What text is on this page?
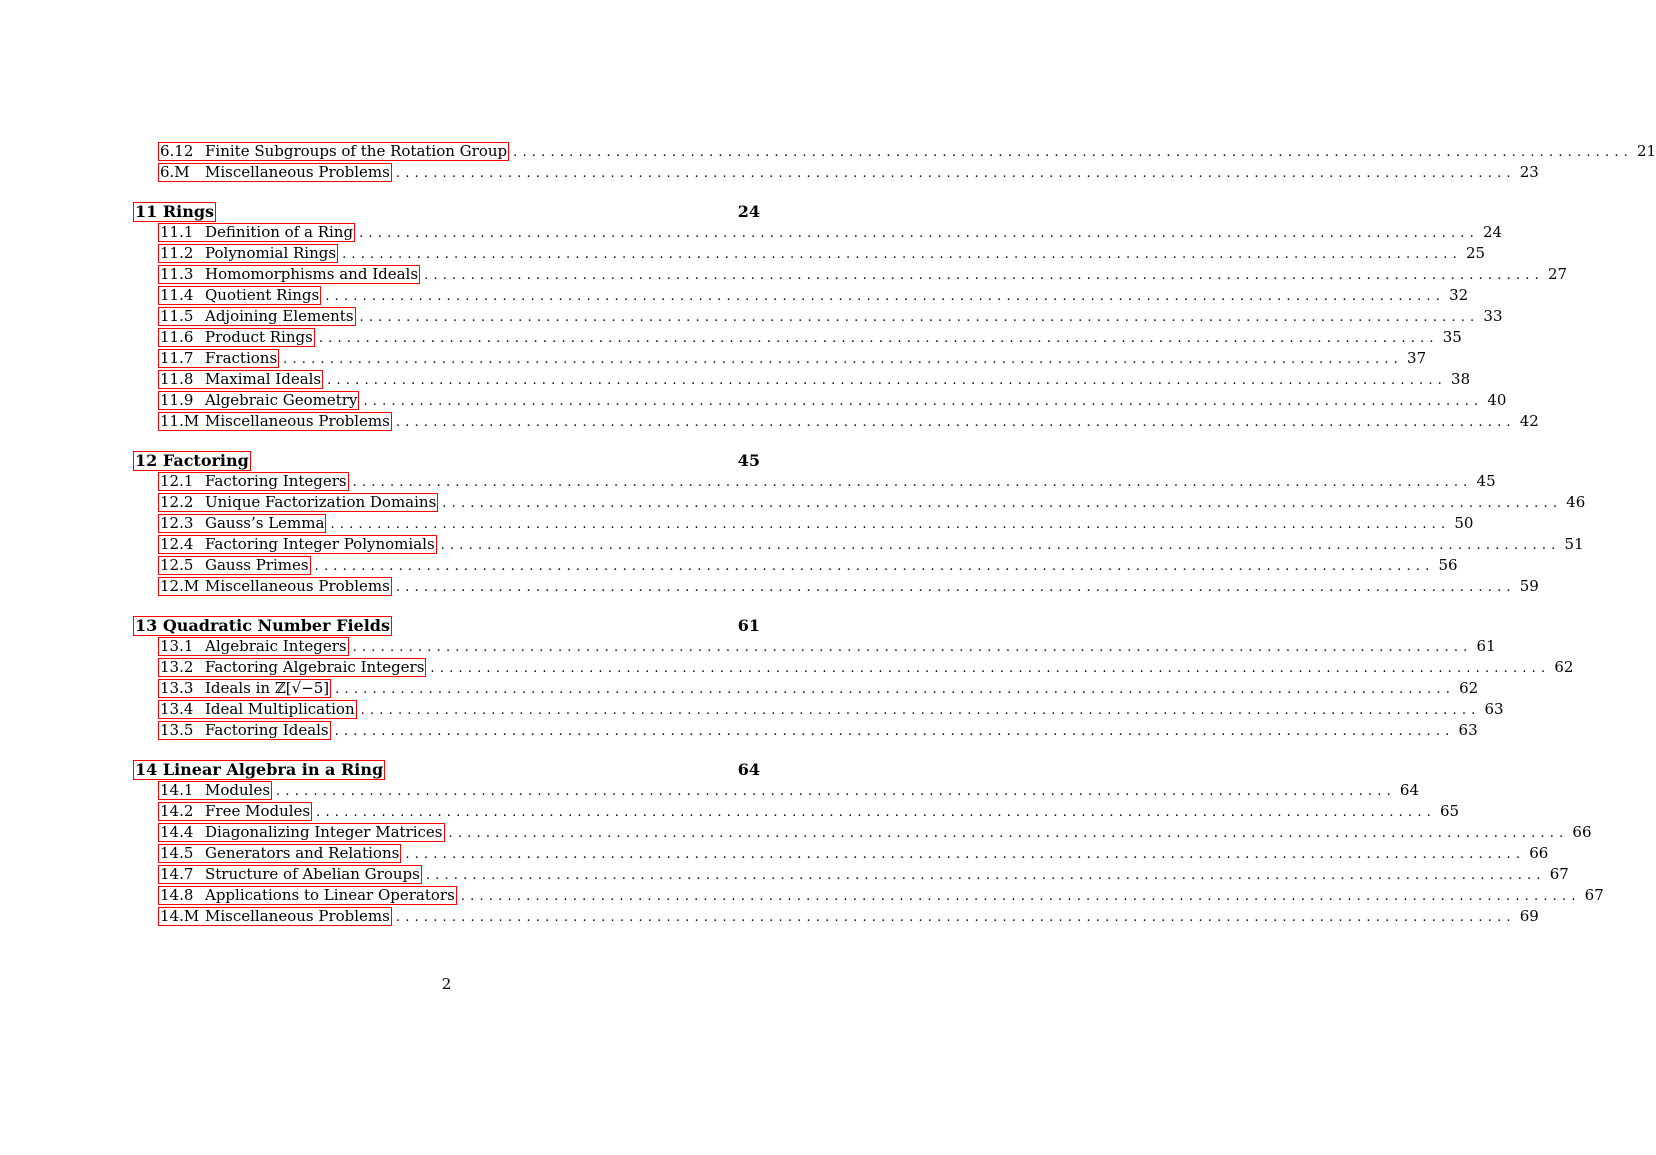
6.12 Finite Subgroups of the Rotation Group ........................................................................................................................ 21
6.M	Miscellaneous Problems ........................................................................................................................ 23
11 Rings	24
11.1 Definition of a Ring ........................................................................................................................ 24
11.2 Polynomial Rings ........................................................................................................................ 25
11.3 Homomorphisms and Ideals ........................................................................................................................ 27
11.4 Quotient Rings ........................................................................................................................ 32
11.5 Adjoining Elements ........................................................................................................................ 33
11.6 Product Rings ........................................................................................................................ 35
11.7 Fractions ........................................................................................................................ 37
11.8 Maximal Ideals ........................................................................................................................ 38
11.9 Algebraic Geometry ........................................................................................................................ 40
11.M Miscellaneous Problems ........................................................................................................................ 42
12 Factoring	45
12.1 Factoring Integers ........................................................................................................................ 45
12.2 Unique Factorization Domains ........................................................................................................................ 46
12.3 Gauss’s Lemma ........................................................................................................................ 50
12.4 Factoring Integer Polynomials ........................................................................................................................ 51
12.5 Gauss Primes ........................................................................................................................ 56
12.M Miscellaneous Problems ........................................................................................................................ 59
13 Quadratic Number Fields	61
13.1 Algebraic Integers ........................................................................................................................ 61
13.2 Factoring Algebraic Integers ........................................................................................................................ 62
13.3 Ideals in ℤ[√−5] ........................................................................................................................ 62
13.4 Ideal Multiplication ........................................................................................................................ 63
13.5 Factoring Ideals ........................................................................................................................ 63
14 Linear Algebra in a Ring	64
14.1 Modules ........................................................................................................................ 64
14.2 Free Modules ........................................................................................................................ 65
14.4 Diagonalizing Integer Matrices ........................................................................................................................ 66
14.5 Generators and Relations ........................................................................................................................ 66
14.7 Structure of Abelian Groups ........................................................................................................................ 67
14.8 Applications to Linear Operators ........................................................................................................................ 67
14.M Miscellaneous Problems ........................................................................................................................ 69
2
